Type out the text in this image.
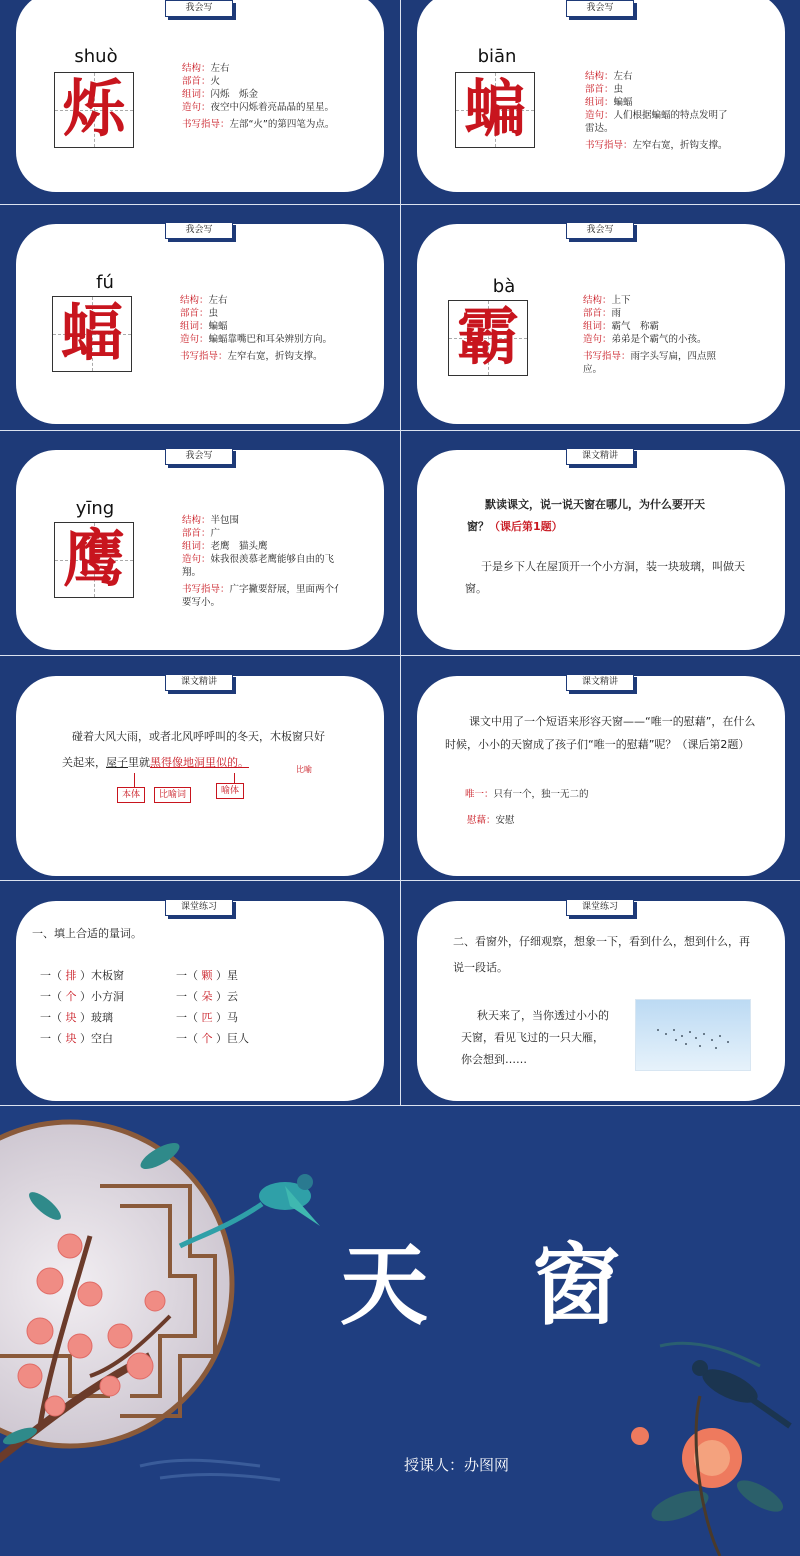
我会写
shuò
烁
结构：左右
部首：火
组词：闪烁　烁金
造句：夜空中闪烁着亮晶晶的星星。
书写指导：左部“火”的第四笔为点。
我会写
biān
蝙	结构：左右
部首：虫
组词：蝙蝠
造句：人们根据蝙蝠的特点发明了雷达。
书写指导：左窄右宽，折钩支撑。
我会写
fú
蝠	结构：左右
部首：虫
组词：蝙蝠
造句：蝙蝠靠嘴巴和耳朵辨别方向。
书写指导：左窄右宽，折钩支撑。
我会写
bà
霸	结构：上下
部首：雨
组词：霸气　称霸
造句：弟弟是个霸气的小孩。
书写指导：雨字头写扁，四点照应。
我会写
yīng
鹰
结构：半包围
部首：广
组词：老鹰　猫头鹰
造句：妹我很羡慕老鹰能够自由的飞翔。
书写指导：广字撇要舒展，里面两个亻要写小。
课文精讲
默读课文，说一说天窗在哪儿，为什么要开天窗？（课后第1题）
于是乡下人在屋顶开一个小方洞，装一块玻璃，叫做天窗。
课文精讲
碰着大风大雨，或者北风呼呼叫的冬天，木板窗只好
关起来，屋子里就黑得像地洞里似的。
比喻
本体	比喻词	喻体
课文精讲
课文中用了一个短语来形容天窗——“唯一的慰藉”，在什么时候，小小的天窗成了孩子们“唯一的慰藉”呢？（课后第2题）
唯一：只有一个，独一无二的
慰藉：安慰
课堂练习
一、填上合适的量词。
一（ 排 ）木板窗
一（ 个 ）小方洞
一（ 块 ）玻璃
一（ 块 ）空白
一（ 颗 ）星
一（ 朵 ）云
一（ 匹 ）马
一（ 个 ）巨人
课堂练习
二、看窗外，仔细观察，想象一下，看到什么，想到什么，再说一段话。
秋天来了，当你透过小小的天窗，看见飞过的一只大雁，你会想到……
天　窗
授课人：办图网
